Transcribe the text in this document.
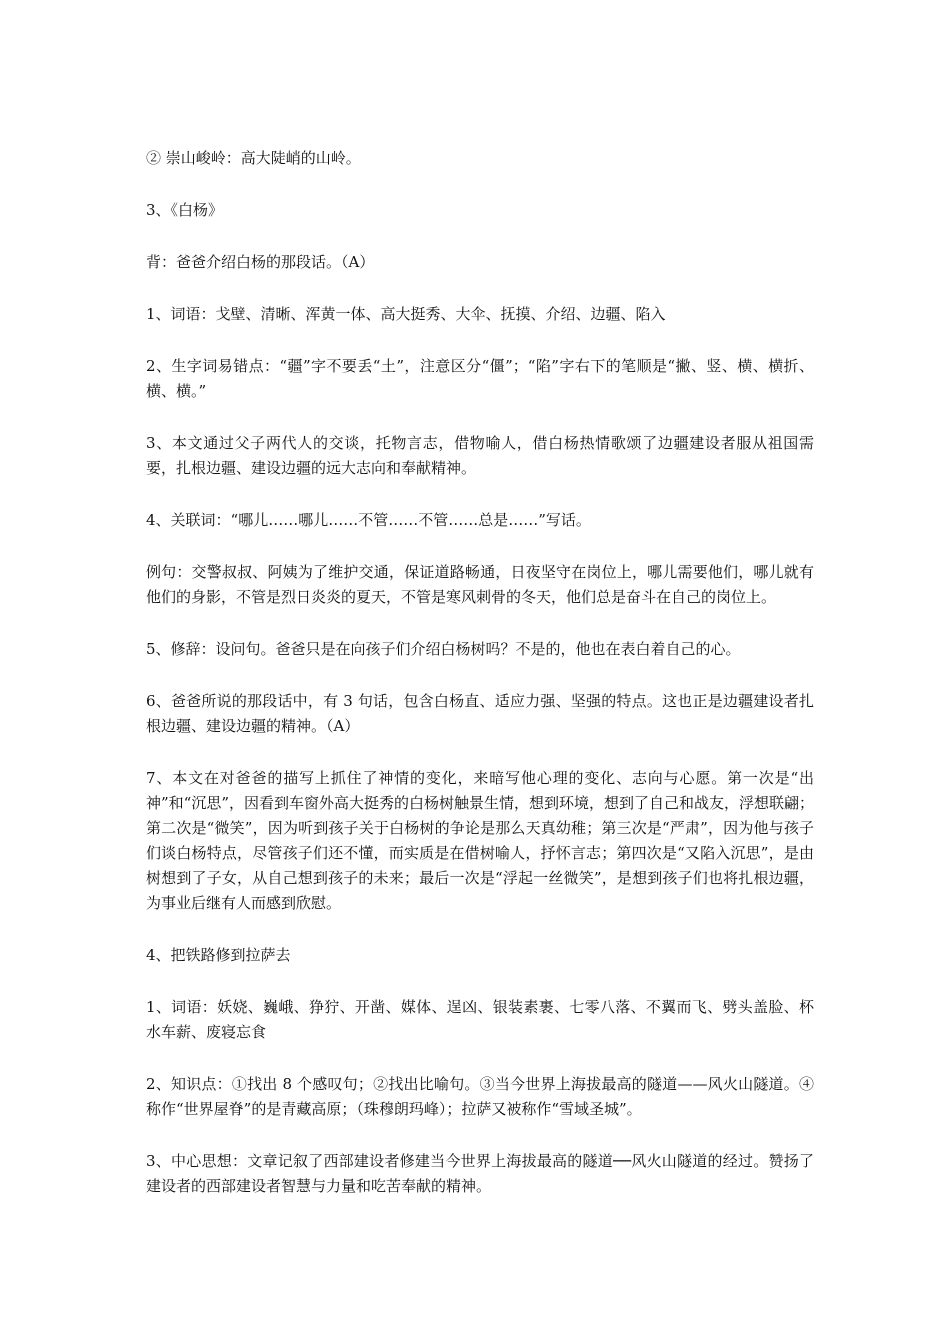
② 崇山峻岭：高大陡峭的山岭。

3、《白杨》

背：爸爸介绍白杨的那段话。（A）

1、词语：戈壁、清晰、浑黄一体、高大挺秀、大伞、抚摸、介绍、边疆、陷入

2、生字词易错点：“疆”字不要丢“土”，注意区分“僵”；“陷”字右下的笔顺是“撇、竖、横、横折、横、横。”

3、本文通过父子两代人的交谈，托物言志，借物喻人，借白杨热情歌颂了边疆建设者服从祖国需要，扎根边疆、建设边疆的远大志向和奉献精神。

4、关联词：“哪儿……哪儿……不管……不管……总是……”写话。

例句：交警叔叔、阿姨为了维护交通，保证道路畅通，日夜坚守在岗位上，哪儿需要他们，哪儿就有他们的身影，不管是烈日炎炎的夏天，不管是寒风刺骨的冬天，他们总是奋斗在自己的岗位上。

5、修辞：设问句。爸爸只是在向孩子们介绍白杨树吗？不是的，他也在表白着自己的心。

6、爸爸所说的那段话中，有 3 句话，包含白杨直、适应力强、坚强的特点。这也正是边疆建设者扎根边疆、建设边疆的精神。（A）

7、本文在对爸爸的描写上抓住了神情的变化，来暗写他心理的变化、志向与心愿。第一次是“出神”和“沉思”，因看到车窗外高大挺秀的白杨树触景生情，想到环境，想到了自己和战友，浮想联翩；第二次是“微笑”，因为听到孩子关于白杨树的争论是那么天真幼稚；第三次是“严肃”，因为他与孩子们谈白杨特点，尽管孩子们还不懂，而实质是在借树喻人，抒怀言志；第四次是“又陷入沉思”，是由树想到了子女，从自己想到孩子的未来；最后一次是“浮起一丝微笑”，是想到孩子们也将扎根边疆，为事业后继有人而感到欣慰。

4、把铁路修到拉萨去

1、词语：妖娆、巍峨、狰狞、开凿、媒体、逞凶、银装素裹、七零八落、不翼而飞、劈头盖脸、杯水车薪、废寝忘食

2、知识点：①找出 8 个感叹句；②找出比喻句。③当今世界上海拔最高的隧道——风火山隧道。④称作“世界屋脊”的是青藏高原；（珠穆朗玛峰）；拉萨又被称作“雪域圣城”。

3、中心思想：文章记叙了西部建设者修建当今世界上海拔最高的隧道──风火山隧道的经过。赞扬了建设者的西部建设者智慧与力量和吃苦奉献的精神。
